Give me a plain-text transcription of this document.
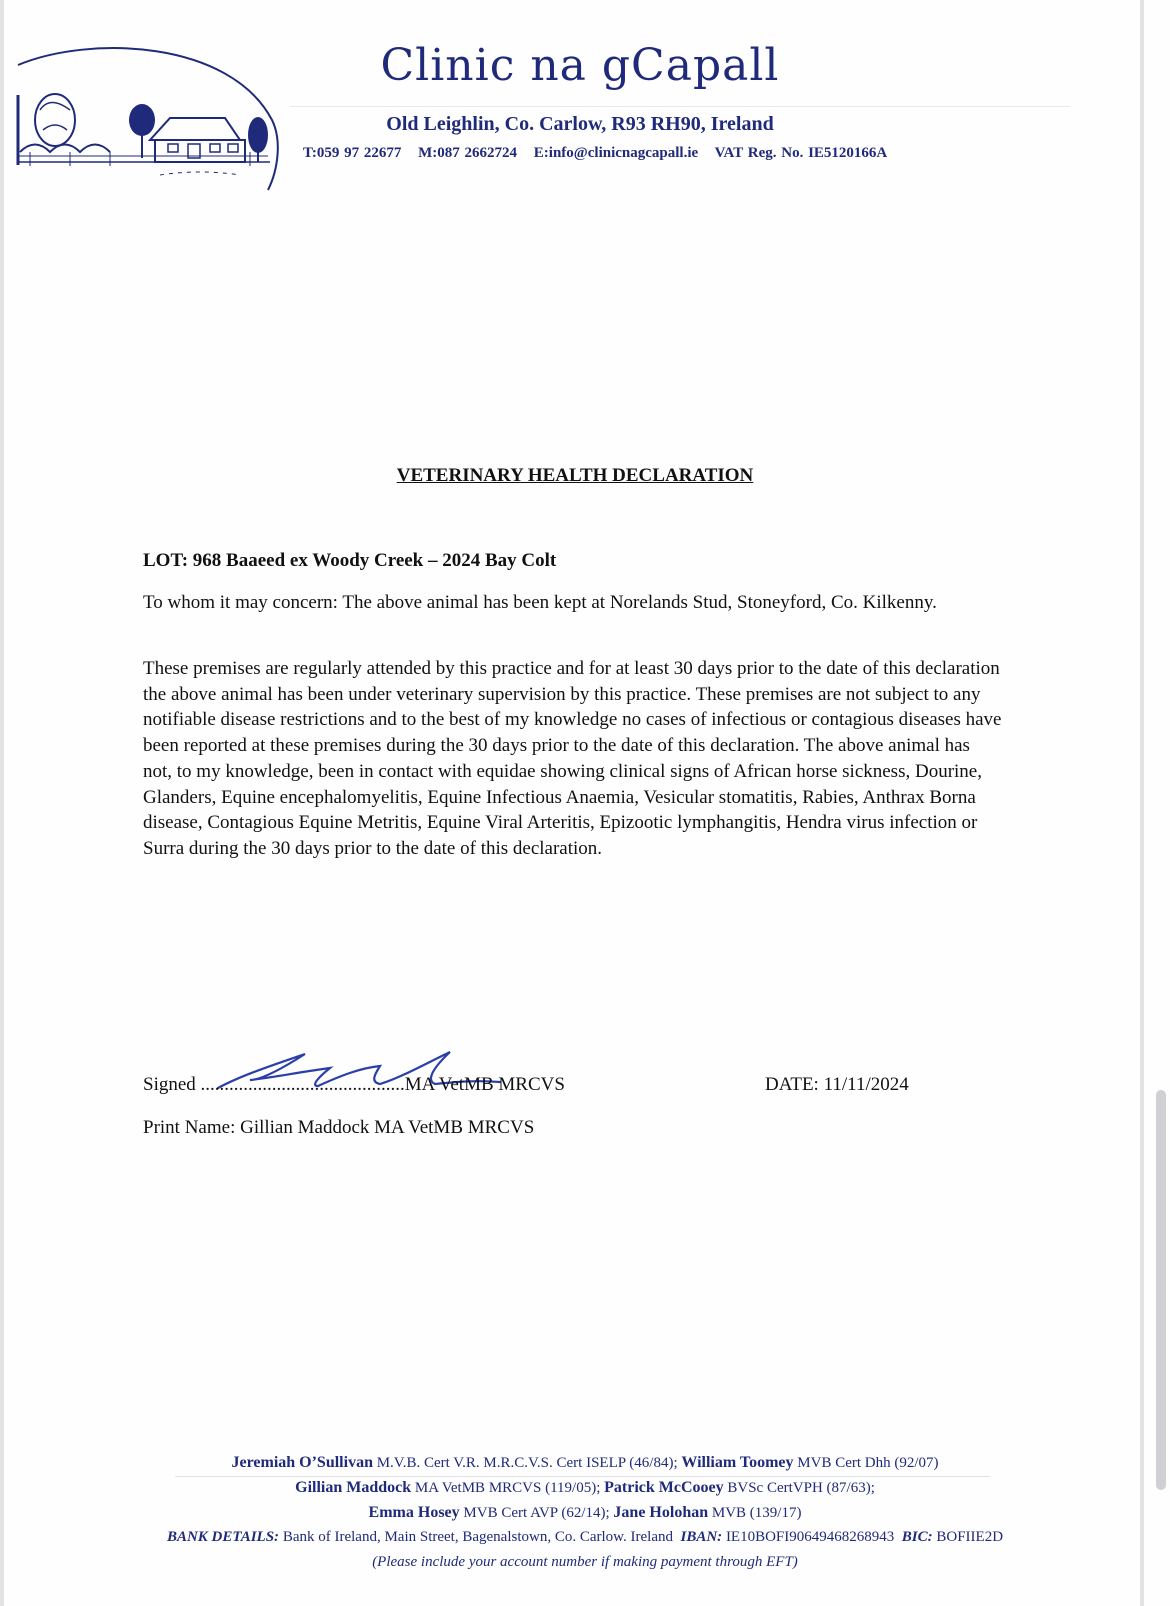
Clinic na gCapall
Old Leighlin, Co. Carlow, R93 RH90, Ireland
T:059 97 22677 M:087 2662724 E:info@clinicnagcapall.ie VAT Reg. No. IE5120166A
VETERINARY HEALTH DECLARATION
LOT: 968 Baaeed ex Woody Creek – 2024 Bay Colt
To whom it may concern: The above animal has been kept at Norelands Stud, Stoneyford, Co. Kilkenny.
These premises are regularly attended by this practice and for at least 30 days prior to the date of this declaration the above animal has been under veterinary supervision by this practice. These premises are not subject to any notifiable disease restrictions and to the best of my knowledge no cases of infectious or contagious diseases have been reported at these premises during the 30 days prior to the date of this declaration. The above animal has not, to my knowledge, been in contact with equidae showing clinical signs of African horse sickness, Dourine, Glanders, Equine encephalomyelitis, Equine Infectious Anaemia, Vesicular stomatitis, Rabies, Anthrax Borna disease, Contagious Equine Metritis, Equine Viral Arteritis, Epizootic lymphangitis, Hendra virus infection or Surra during the 30 days prior to the date of this declaration.
Signed ...........................................MA VetMB MRCVS	DATE: 11/11/2024
Print Name: Gillian Maddock MA VetMB MRCVS
Jeremiah O’Sullivan M.V.B. Cert V.R. M.R.C.V.S. Cert ISELP (46/84); William Toomey MVB Cert Dhh (92/07)
Gillian Maddock MA VetMB MRCVS (119/05); Patrick McCooey BVSc CertVPH (87/63);
Emma Hosey MVB Cert AVP (62/14); Jane Holohan MVB (139/17)
BANK DETAILS: Bank of Ireland, Main Street, Bagenalstown, Co. Carlow. Ireland IBAN: IE10BOFI90649468268943 BIC: BOFIIE2D
(Please include your account number if making payment through EFT)
